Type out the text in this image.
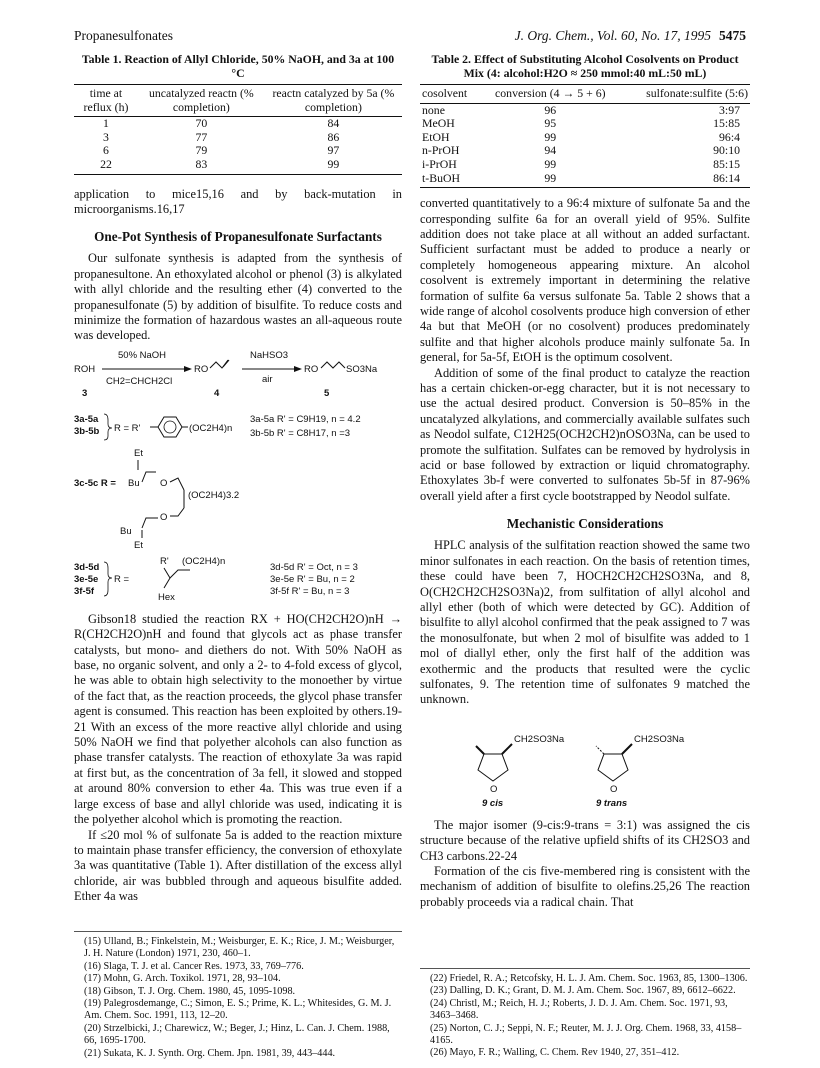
Propanesulfonates	J. Org. Chem., Vol. 60, No. 17, 1995 5475
Table 1. Reaction of Allyl Chloride, 50% NaOH, and 3a at 100 °C
time at reflux (h)	uncatalyzed reactn (% completion)	reactn catalyzed by 5a (% completion)
1	70	84
3	77	86
6	79	97
22	83	99

application to mice15,16 and by back-mutation in microorganisms.16,17

One-Pot Synthesis of Propanesulfonate Surfactants

Our sulfonate synthesis is adapted from the synthesis of propanesultone. An ethoxylated alcohol or phenol (3) is alkylated with allyl chloride and the resulting ether (4) converted to the propanesulfonate (5) by addition of bisulfite. To reduce costs and minimize the formation of hazardous wastes an all-aqueous route was developed.

ROH
50% NaOH
CH2=CHCH2Cl
RO
NaHSO3
air
RO	SO3Na
3	4	5
3a-5a
3b-5b R = R'	(OC2H4)n
3a-5a R' = C9H19, n = 4.2
3b-5b R' = C8H17, n =3
Et
3c-5c R = Bu O
(OC2H4)3.2
O
Bu
Et
3d-5d
3e-5e
3f-5f
R =
R' (OC2H4)n
Hex
3d-5d R' = Oct, n = 3
3e-5e R' = Bu, n = 2
3f-5f R' = Bu, n = 3

Gibson18 studied the reaction RX + HO(CH2CH2O)nH → R(CH2CH2O)nH and found that glycols act as phase transfer catalysts, but mono- and diethers do not. With 50% NaOH as base, no organic solvent, and only a 2- to 4-fold excess of glycol, he was able to obtain high selectivity to the monoether by virtue of the fact that, as the reaction proceeds, the glycol phase transfer agent is consumed. This reaction has been exploited by others.19-21 With an excess of the more reactive allyl chloride and using 50% NaOH we find that polyether alcohols can also function as phase transfer catalysts. The reaction of ethoxylate 3a was rapid at first but, as the concentration of 3a fell, it slowed and stopped at around 80% conversion to ether 4a. This was true even if a large excess of base and allyl chloride was used, indicating it is the polyether alcohol which is promoting the reaction.

If ≤20 mol % of sulfonate 5a is added to the reaction mixture to maintain phase transfer efficiency, the conversion of ethoxylate 3a was quantitative (Table 1). After distillation of the excess allyl chloride, air was bubbled through and aqueous bisulfite added. Ether 4a was

Table 2. Effect of Substituting Alcohol Cosolvents on Product Mix (4: alcohol:H2O ≈ 250 mmol:40 mL:50 mL)
cosolvent	conversion (4 → 5 + 6)	sulfonate:sulfite (5:6)
none	96	3:97
MeOH	95	15:85
EtOH	99	96:4
n-PrOH	94	90:10
i-PrOH	99	85:15
t-BuOH	99	86:14

converted quantitatively to a 96:4 mixture of sulfonate 5a and the corresponding sulfite 6a for an overall yield of 95%. Sulfite addition does not take place at all without an added surfactant. Sufficient surfactant must be added to produce a nearly or completely homogeneous appearing mixture. An alcohol cosolvent is extremely important in determining the relative formation of sulfite 6a versus sulfonate 5a. Table 2 shows that a wide range of alcohol cosolvents produce high conversion of ether 4a but that MeOH (or no cosolvent) produces predominately sulfite and that higher alcohols produce mainly sulfonate 5a. In general, for 5a-5f, EtOH is the optimum cosolvent.

Addition of some of the final product to catalyze the reaction has a certain chicken-or-egg character, but it is not necessary to use the actual desired product. Conversion is 50–85% in the uncatalyzed alkylations, and commercially available sulfates such as Neodol sulfate, C12H25(OCH2CH2)nOSO3Na, can be used to promote the sulfitation. Sulfates can be removed by hydrolysis in acid or base followed by extraction or liquid chromatography. Ethoxylates 3b-f were converted to sulfonates 5b-5f in 87-96% overall yield after a first cycle bootstrapped by Neodol sulfate.

Mechanistic Considerations

HPLC analysis of the sulfitation reaction showed the same two minor sulfonates in each reaction. On the basis of retention times, these could have been 7, HOCH2CH2CH2SO3Na, and 8, O(CH2CH2CH2SO3Na)2, from sulfitation of allyl alcohol and allyl ether (both of which were detected by GC). Addition of bisulfite to allyl alcohol confirmed that the peak assigned to 7 was the monosulfonate, but when 2 mol of bisulfite was added to 1 mol of diallyl ether, only the first half of the addition was exothermic and the products that resulted were the cyclic sulfonates, 9. The retention time of sulfonates 9 matched the unknown.

CH2SO3Na
O
9 cis
CH2SO3Na
O
9 trans

The major isomer (9-cis:9-trans = 3:1) was assigned the cis structure because of the relative upfield shifts of its CH2SO3 and CH3 carbons.22-24

Formation of the cis five-membered ring is consistent with the mechanism of addition of bisulfite to olefins.25,26 The reaction probably proceeds via a radical chain. That

(15) Ulland, B.; Finkelstein, M.; Weisburger, E. K.; Rice, J. M.; Weisburger, J. H. Nature (London) 1971, 230, 460–1.

(16) Slaga, T. J. et al. Cancer Res. 1973, 33, 769–776.

(17) Mohn, G. Arch. Toxikol. 1971, 28, 93–104.

(18) Gibson, T. J. Org. Chem. 1980, 45, 1095-1098.

(19) Palegrosdemange, C.; Simon, E. S.; Prime, K. L.; Whitesides, G. M. J. Am. Chem. Soc. 1991, 113, 12–20.

(20) Strzelbicki, J.; Charewicz, W.; Beger, J.; Hinz, L. Can. J. Chem. 1988, 66, 1695-1700.

(21) Sukata, K. J. Synth. Org. Chem. Jpn. 1981, 39, 443–444.

(22) Friedel, R. A.; Retcofsky, H. L. J. Am. Chem. Soc. 1963, 85, 1300–1306.

(23) Dalling, D. K.; Grant, D. M. J. Am. Chem. Soc. 1967, 89, 6612–6622.

(24) Christl, M.; Reich, H. J.; Roberts, J. D. J. Am. Chem. Soc. 1971, 93, 3463–3468.

(25) Norton, C. J.; Seppi, N. F.; Reuter, M. J. J. Org. Chem. 1968, 33, 4158–4165.

(26) Mayo, F. R.; Walling, C. Chem. Rev 1940, 27, 351–412.
